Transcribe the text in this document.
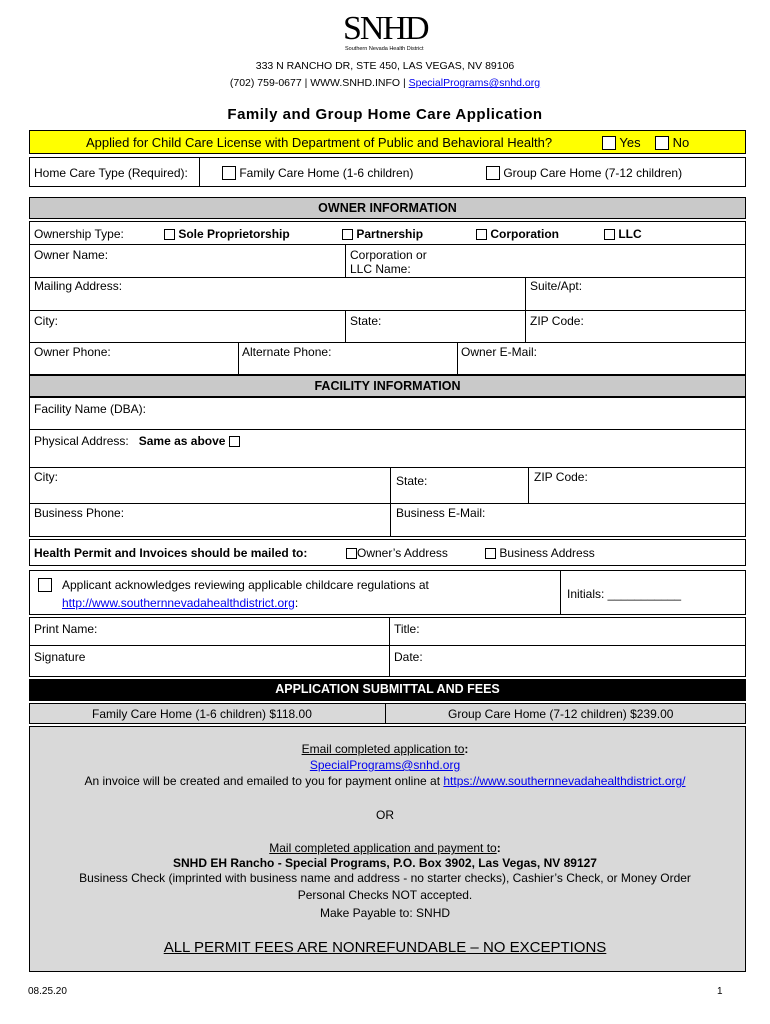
SNHD
Southern Nevada Health District
333 N RANCHO DR, STE 450, LAS VEGAS, NV 89106
(702) 759-0677 | WWW.SNHD.INFO | SpecialPrograms@snhd.org
Family and Group Home Care Application
Applied for Child Care License with Department of Public and Behavioral Health?	Yes	No
Home Care Type (Required):	Family Care Home (1-6 children)	Group Care Home (7-12 children)
OWNER INFORMATION
Ownership Type:	Sole Proprietorship	Partnership	Corporation	LLC
Owner Name:	Corporation or
LLC Name:
Mailing Address:	Suite/Apt:
City:	State:	ZIP Code:
Owner Phone:	Alternate Phone:	Owner E-Mail:
FACILITY INFORMATION
Facility Name (DBA):
Physical Address: Same as above
City:	State:	ZIP Code:
Business Phone:	Business E-Mail:
Health Permit and Invoices should be mailed to:	Owner’s Address	Business Address
Applicant acknowledges reviewing applicable childcare regulations at
http://www.southernnevadahealthdistrict.org:
Initials: ___________
Print Name:	Title:
Signature	Date:
APPLICATION SUBMITTAL AND FEES
Family Care Home (1-6 children) $118.00	Group Care Home (7-12 children) $239.00
Email completed application to:
SpecialPrograms@snhd.org
An invoice will be created and emailed to you for payment online at https://www.southernnevadahealthdistrict.org/
OR
Mail completed application and payment to:
SNHD EH Rancho - Special Programs, P.O. Box 3902, Las Vegas, NV 89127
Business Check (imprinted with business name and address - no starter checks), Cashier’s Check, or Money Order
Personal Checks NOT accepted.
Make Payable to: SNHD
ALL PERMIT FEES ARE NONREFUNDABLE – NO EXCEPTIONS
08.25.20	1
